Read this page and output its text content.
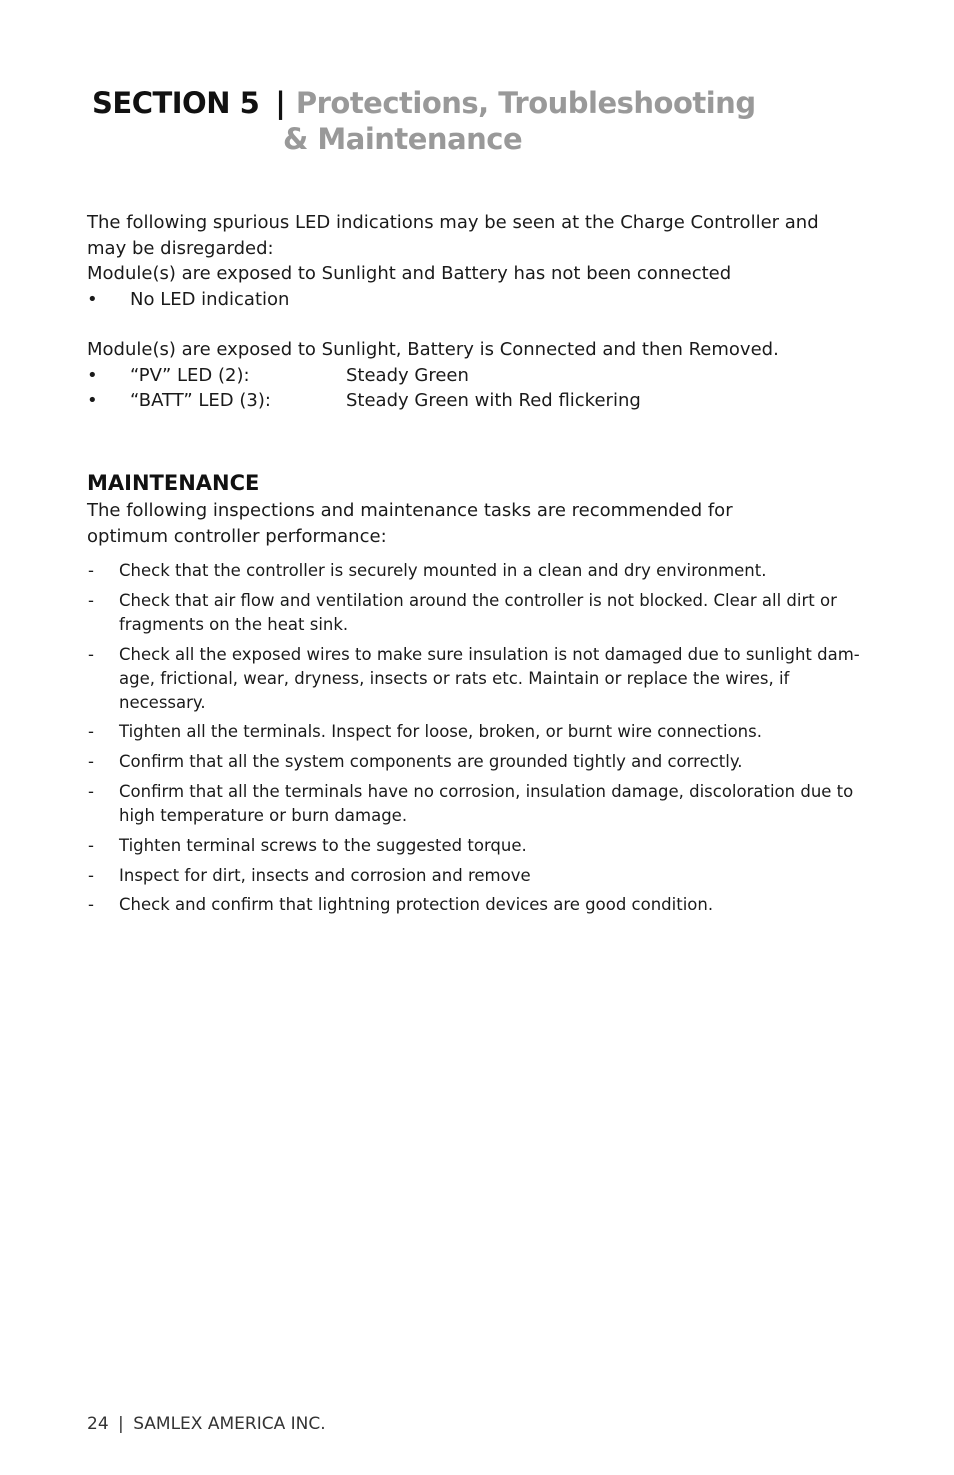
SECTION 5 | Protections, Troubleshooting
& Maintenance

The following spurious LED indications may be seen at the Charge Controller and may be disregarded:

Module(s) are exposed to Sunlight and Battery has not been connected

•	No LED indication

Module(s) are exposed to Sunlight, Battery is Connected and then Removed.

•	“PV” LED (2):	Steady Green
•	“BATT” LED (3):	Steady Green with Red flickering
MAINTENANCE

The following inspections and maintenance tasks are recommended for optimum controller performance:

-	Check that the controller is securely mounted in a clean and dry environment.
-	Check that air flow and ventilation around the controller is not blocked. Clear all dirt or fragments on the heat sink.
-	Check all the exposed wires to make sure insulation is not damaged due to sunlight dam-age, frictional, wear, dryness, insects or rats etc. Maintain or replace the wires, if necessary.
-	Tighten all the terminals. Inspect for loose, broken, or burnt wire connections.
-	Confirm that all the system components are grounded tightly and correctly.
-	Confirm that all the terminals have no corrosion, insulation damage, discoloration due to high temperature or burn damage.
-	Tighten terminal screws to the suggested torque.
-	Inspect for dirt, insects and corrosion and remove
-	Check and confirm that lightning protection devices are good condition.
24 | SAMLEX AMERICA INC.
